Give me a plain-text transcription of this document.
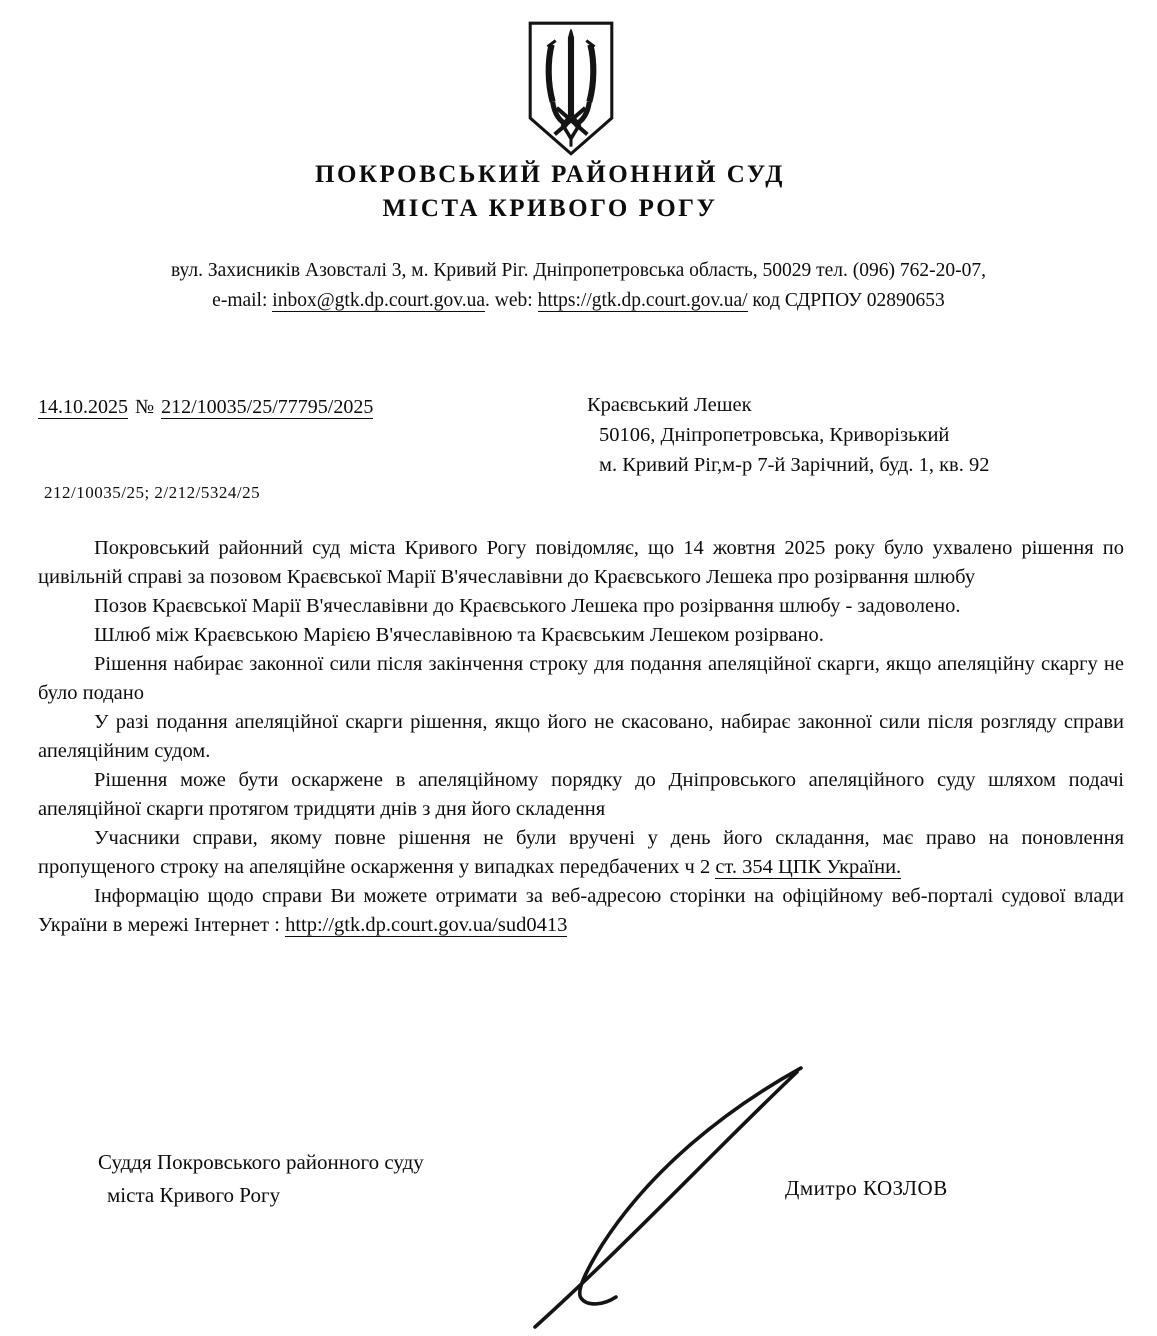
ПОКРОВСЬКИЙ РАЙОННИЙ СУД
МІСТА КРИВОГО РОГУ
вул. Захисників Азовсталі 3, м. Кривий Ріг. Дніпропетровська область, 50029 тел. (096) 762-20-07,
e-mail: inbox@gtk.dp.court.gov.ua. web: https://gtk.dp.court.gov.ua/ код СДРПОУ 02890653
14.10.2025 № 212/10035/25/77795/2025
212/10035/25; 2/212/5324/25
Краєвський Лешек
50106, Дніпропетровська, Криворізький
м. Кривий Ріг,м-р 7-й Зарічний, буд. 1, кв. 92

Покровський районний суд міста Кривого Рогу повідомляє, що 14 жовтня 2025 року було ухвалено рішення по цивільній справі за позовом Краєвської Марії В'ячеславівни до Краєвського Лешека про розірвання шлюбу

Позов Краєвської Марії В'ячеславівни до Краєвського Лешека про розірвання шлюбу - задоволено.

Шлюб між Краєвською Марією В'ячеславівною та Краєвським Лешеком розірвано.

Рішення набирає законної сили після закінчення строку для подання апеляційної скарги, якщо апеляційну скаргу не було подано

У разі подання апеляційної скарги рішення, якщо його не скасовано, набирає законної сили після розгляду справи апеляційним судом.

Рішення може бути оскаржене в апеляційному порядку до Дніпровського апеляційного суду шляхом подачі апеляційної скарги протягом тридцяти днів з дня його складення

Учасники справи, якому повне рішення не були вручені у день його складання, має право на поновлення пропущеного строку на апеляційне оскарження у випадках передбачених ч 2 ст. 354 ЦПК України.

Інформацію щодо справи Ви можете отримати за веб-адресою сторінки на офіційному веб-порталі судової влади України в мережі Інтернет : http://gtk.dp.court.gov.ua/sud0413

Суддя Покровського районного суду
міста Кривого Рогу	Дмитро КОЗЛОВ
